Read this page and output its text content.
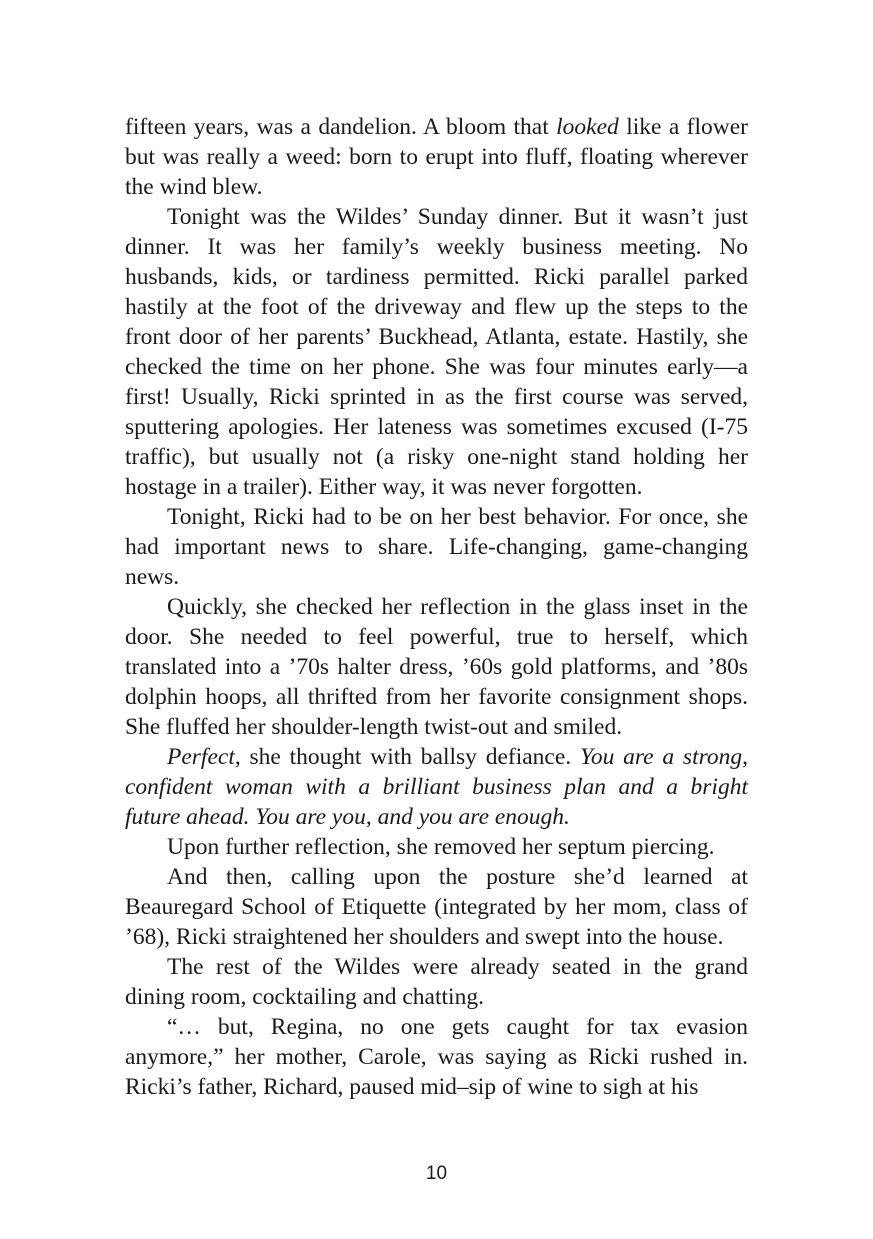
fifteen years, was a dandelion. A bloom that looked like a flower but was really a weed: born to erupt into fluff, floating wherever the wind blew.

Tonight was the Wildes’ Sunday dinner. But it wasn’t just dinner. It was her family’s weekly business meeting. No husbands, kids, or tardiness permitted. Ricki parallel parked hastily at the foot of the driveway and flew up the steps to the front door of her parents’ Buckhead, Atlanta, estate. Hastily, she checked the time on her phone. She was four minutes early—a first! Usually, Ricki sprinted in as the first course was served, sputtering apologies. Her lateness was sometimes excused (I-75 traffic), but usually not (a risky one-night stand holding her hostage in a trailer). Either way, it was never forgotten.

Tonight, Ricki had to be on her best behavior. For once, she had important news to share. Life-changing, game-changing news.

Quickly, she checked her reflection in the glass inset in the door. She needed to feel powerful, true to herself, which translated into a ’70s halter dress, ’60s gold platforms, and ’80s dolphin hoops, all thrifted from her favorite consignment shops. She fluffed her shoulder-length twist-out and smiled.

Perfect, she thought with ballsy defiance. You are a strong, confident woman with a brilliant business plan and a bright future ahead. You are you, and you are enough.

Upon further reflection, she removed her septum piercing.

And then, calling upon the posture she’d learned at Beauregard School of Etiquette (integrated by her mom, class of ’68), Ricki straightened her shoulders and swept into the house.

The rest of the Wildes were already seated in the grand dining room, cocktailing and chatting.

“… but, Regina, no one gets caught for tax evasion anymore,” her mother, Carole, was saying as Ricki rushed in. Ricki’s father, Richard, paused mid–sip of wine to sigh at his

10
